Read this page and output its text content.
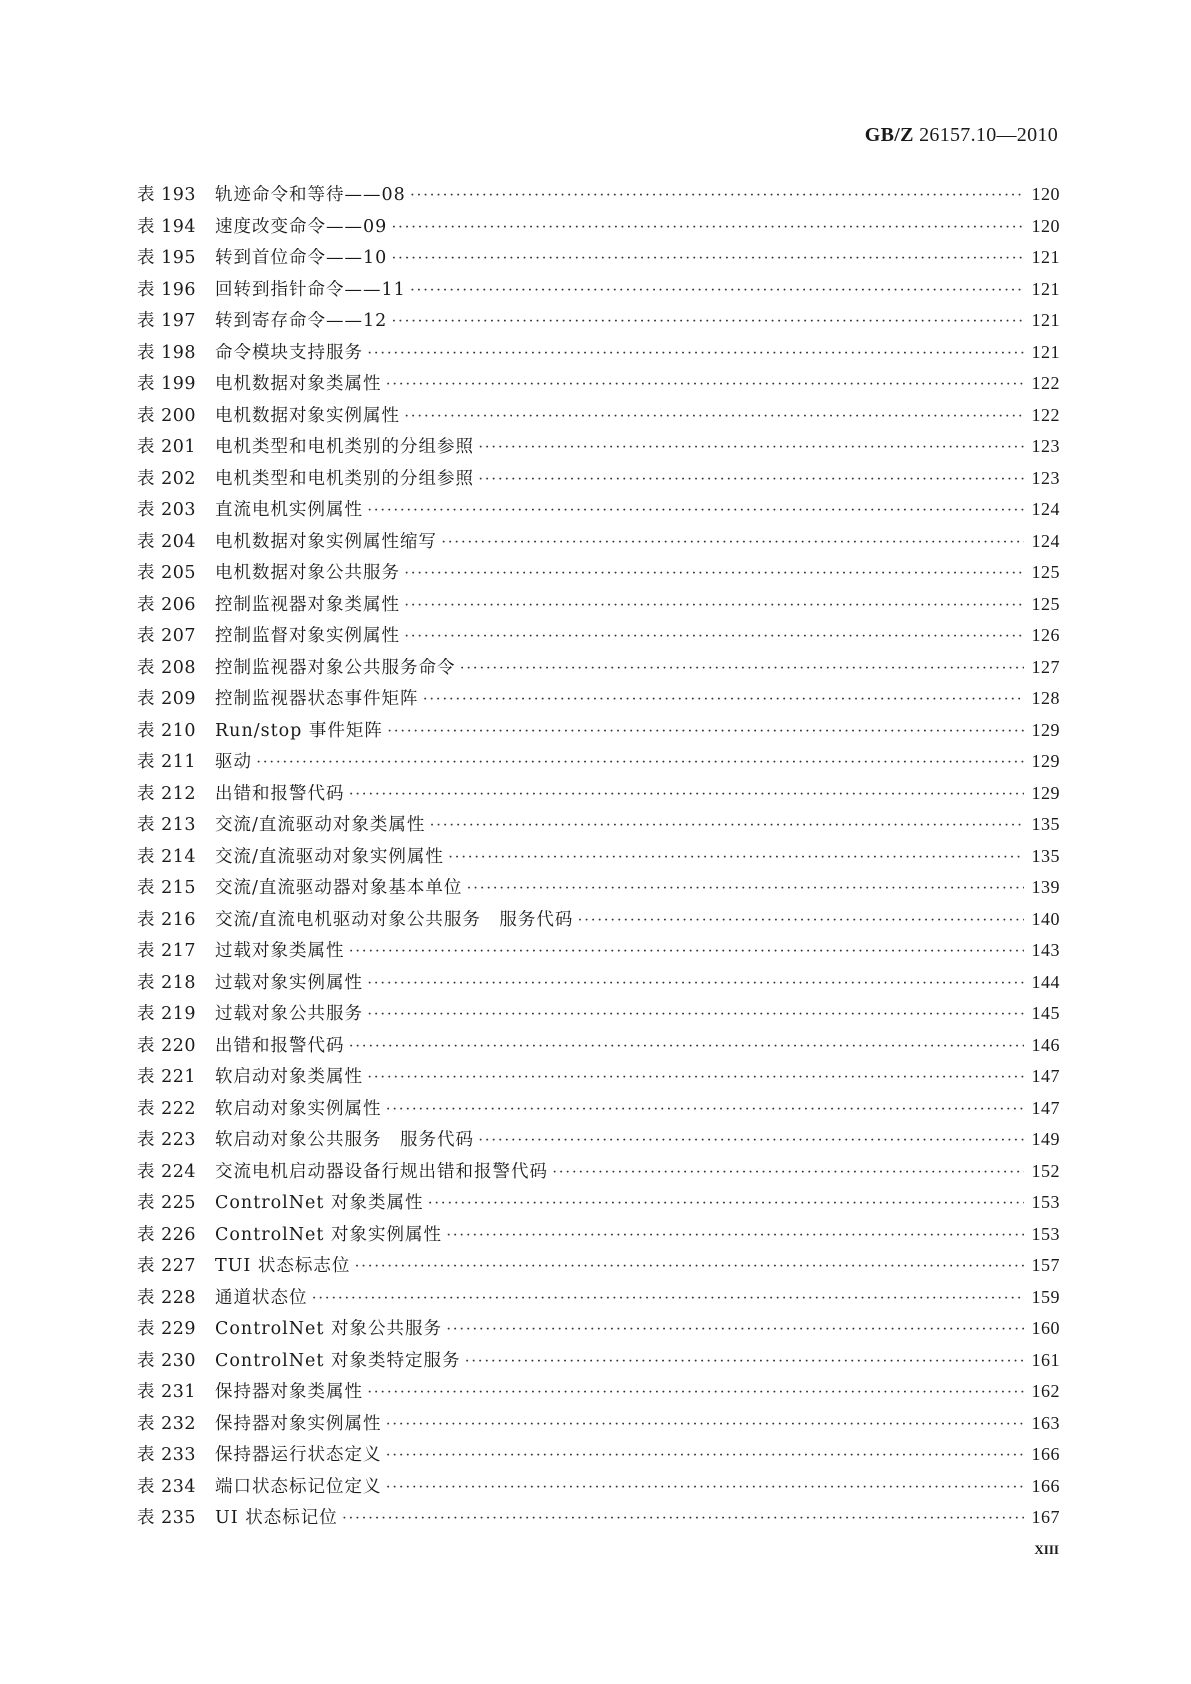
GB/Z 26157.10—2010
表 193	轨迹命令和等待——08 ·····	120
表 194	速度改变命令——09 ·····	120
表 195	转到首位命令——10 ·····	121
表 196	回转到指针命令——11 ·····	121
表 197	转到寄存命令——12 ·····	121
表 198	命令模块支持服务 ·····	121
表 199	电机数据对象类属性 ·····	122
表 200	电机数据对象实例属性 ·····	122
表 201	电机类型和电机类别的分组参照 ·····	123
表 202	电机类型和电机类别的分组参照 ·····	123
表 203	直流电机实例属性 ·····	124
表 204	电机数据对象实例属性缩写 ·····	124
表 205	电机数据对象公共服务 ·····	125
表 206	控制监视器对象类属性 ·····	125
表 207	控制监督对象实例属性 ·····	126
表 208	控制监视器对象公共服务命令 ·····	127
表 209	控制监视器状态事件矩阵 ·····	128
表 210	Run/stop 事件矩阵 ·····	129
表 211	驱动 ·····	129
表 212	出错和报警代码 ·····	129
表 213	交流/直流驱动对象类属性 ·····	135
表 214	交流/直流驱动对象实例属性 ·····	135
表 215	交流/直流驱动器对象基本单位 ·····	139
表 216	交流/直流电机驱动对象公共服务　服务代码 ·····	140
表 217	过载对象类属性 ·····	143
表 218	过载对象实例属性 ·····	144
表 219	过载对象公共服务 ·····	145
表 220	出错和报警代码 ·····	146
表 221	软启动对象类属性 ·····	147
表 222	软启动对象实例属性 ·····	147
表 223	软启动对象公共服务　服务代码 ·····	149
表 224	交流电机启动器设备行规出错和报警代码 ·····	152
表 225	ControlNet 对象类属性 ·····	153
表 226	ControlNet 对象实例属性 ·····	153
表 227	TUI 状态标志位 ·····	157
表 228	通道状态位 ·····	159
表 229	ControlNet 对象公共服务 ·····	160
表 230	ControlNet 对象类特定服务 ·····	161
表 231	保持器对象类属性 ·····	162
表 232	保持器对象实例属性 ·····	163
表 233	保持器运行状态定义 ·····	166
表 234	端口状态标记位定义 ·····	166
表 235	UI 状态标记位 ·····	167
XIII
